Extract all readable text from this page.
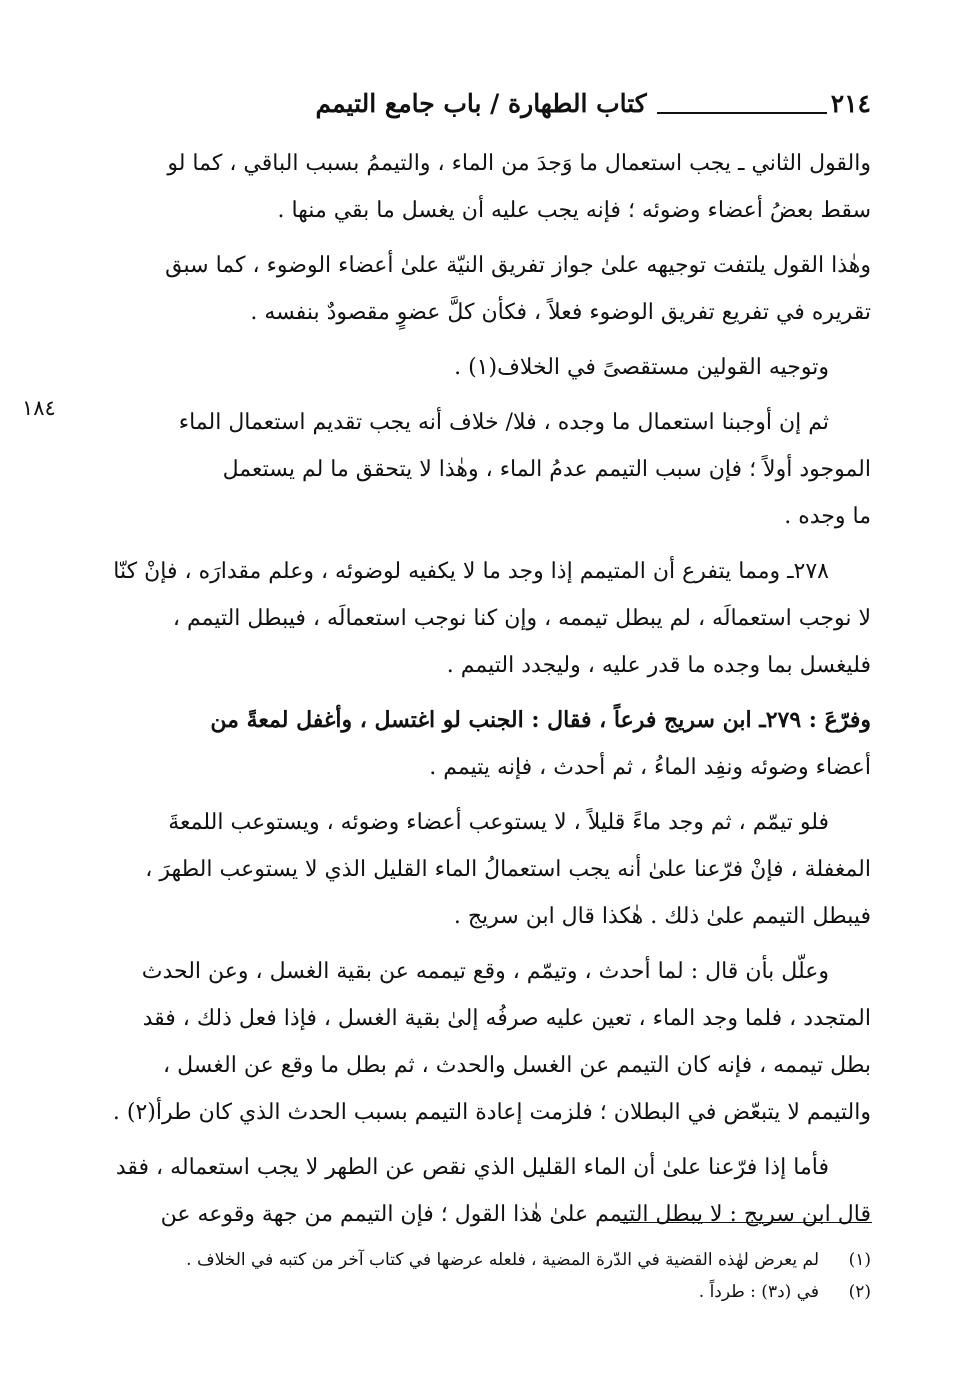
٢١٤
كتاب الطهارة / باب جامع التيمم
١٨٤
والقول الثاني ـ يجب استعمال ما وَجدَ من الماء ، والتيممُ بسبب الباقي ، كما لو
سقط بعضُ أعضاء وضوئه ؛ فإنه يجب عليه أن يغسل ما بقي منها .
وهٰذا القول يلتفت توجيهه علىٰ جواز تفريق النيّة علىٰ أعضاء الوضوء ، كما سبق
تقريره في تفريع تفريق الوضوء فعلاً ، فكأن كلَّ عضوٍ مقصودٌ بنفسه .
وتوجيه القولين مستقصىً في الخلاف(١) .
ثم إن أوجبنا استعمال ما وجده ، فلا/ خلاف أنه يجب تقديم استعمال الماء
الموجود أولاً ؛ فإن سبب التيمم عدمُ الماء ، وهٰذا لا يتحقق ما لم يستعمل
ما وجده .
٢٧٨ـ ومما يتفرع أن المتيمم إذا وجد ما لا يكفيه لوضوئه ، وعلم مقدارَه ، فإنْ كنّا
لا نوجب استعمالَه ، لم يبطل تيممه ، وإن كنا نوجب استعمالَه ، فيبطل التيمم ،
فليغسل بما وجده ما قدر عليه ، وليجدد التيمم .
وفرّعَ : ٢٧٩ـ ابن سريج فرعاً ، فقال : الجنب لو اغتسل ، وأغفل لمعةً من
أعضاء وضوئه ونفِد الماءُ ، ثم أحدث ، فإنه يتيمم .
فلو تيمّم ، ثم وجد ماءً قليلاً ، لا يستوعب أعضاء وضوئه ، ويستوعب اللمعةَ
المغفلة ، فإنْ فرّعنا علىٰ أنه يجب استعمالُ الماء القليل الذي لا يستوعب الطهرَ ،
فيبطل التيمم علىٰ ذلك . هٰكذا قال ابن سريج .
وعلّل بأن قال : لما أحدث ، وتيمّم ، وقع تيممه عن بقية الغسل ، وعن الحدث
المتجدد ، فلما وجد الماء ، تعين عليه صرفُه إلىٰ بقية الغسل ، فإذا فعل ذلك ، فقد
بطل تيممه ، فإنه كان التيمم عن الغسل والحدث ، ثم بطل ما وقع عن الغسل ،
والتيمم لا يتبعّض في البطلان ؛ فلزمت إعادة التيمم بسبب الحدث الذي كان طرأ(٢) .
فأما إذا فرّعنا علىٰ أن الماء القليل الذي نقص عن الطهر لا يجب استعماله ، فقد
قال ابن سريج : لا يبطل التيمم علىٰ هٰذا القول ؛ فإن التيمم من جهة وقوعه عن
(١)
لم يعرض لهٰذه القضية في الدّرة المضية ، فلعله عرضها في كتاب آخر من كتبه في الخلاف .
(٢)
في (د٣) : طرداً .
